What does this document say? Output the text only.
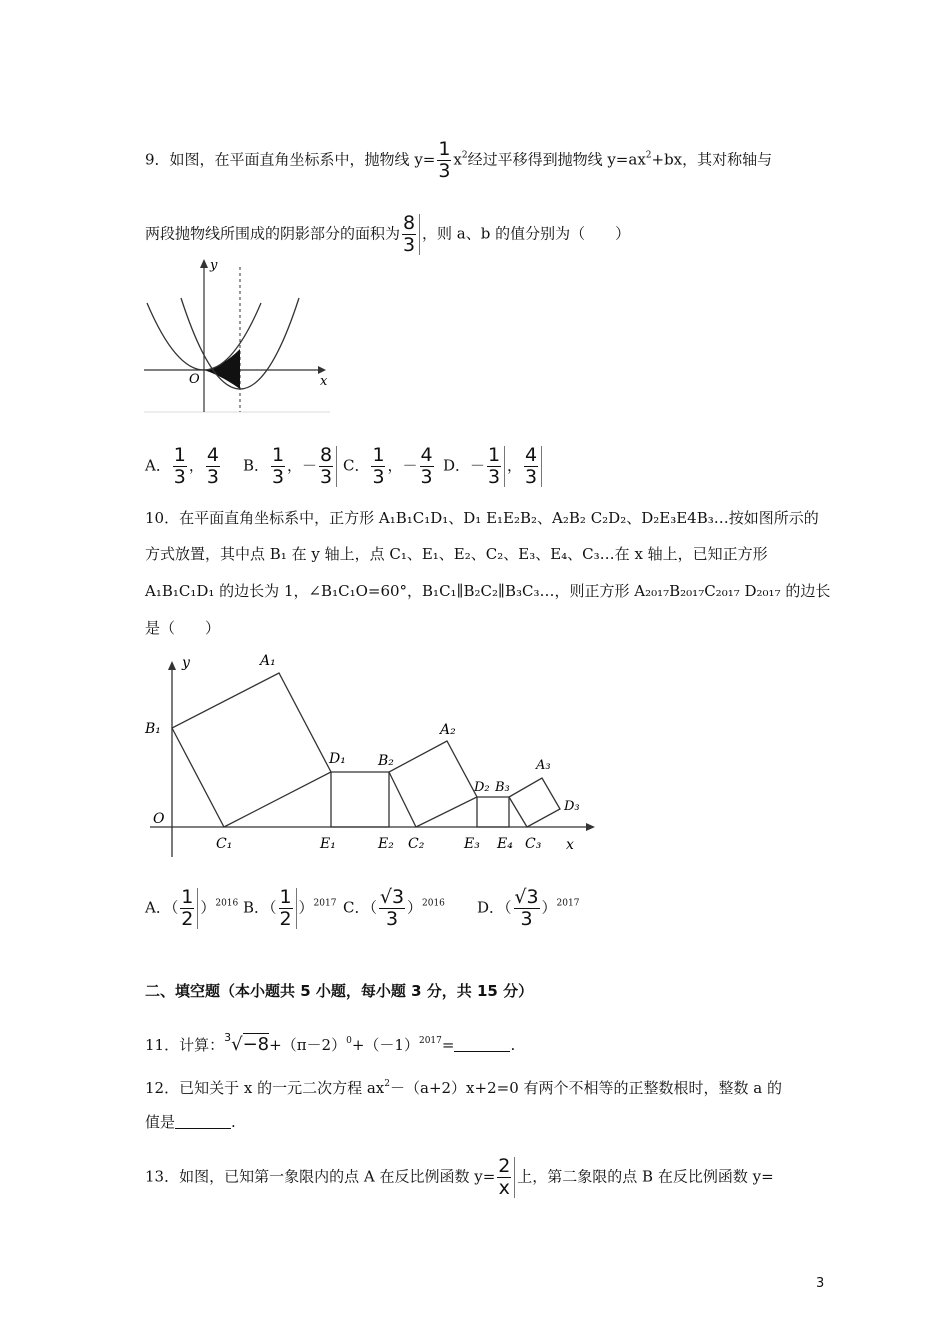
9．如图，在平面直角坐标系中，抛物线 $y= \frac{1}{3} x^2$经过平移得到抛物线 $y=ax^2+bx$，其对称轴与
两段抛物线所围成的阴影部分的面积为 $\frac{8}{3}$ ，则 a、b 的值分别为（　　）
y
x
O
A． $\frac{1}{3}$ ， $\frac{4}{3}$ B． $\frac{1}{3}$ ，－ $\frac{8}{3}$ C． $\frac{1}{3}$ ，－ $\frac{4}{3}$ D．－ $\frac{1}{3}$ ， $\frac{4}{3}$
10．在平面直角坐标系中，正方形 A₁B₁C₁D₁、D₁ E₁E₂B₂、A₂B₂ C₂D₂、D₂E₃E4B₃…按如图所示的
方式放置，其中点 B₁ 在 y 轴上，点 C₁、E₁、E₂、C₂、E₃、E₄、C₃…在 x 轴上，已知正方形
A₁B₁C₁D₁ 的边长为 1，∠B₁C₁O=60°，B₁C₁∥B₂C₂∥B₃C₃…，则正方形 A₂₀₁₇B₂₀₁₇C₂₀₁₇ D₂₀₁₇ 的边长
是（　　）
y
x
O
A₁
B₁
C₁
D₁
E₁	E₂
B₂
A₂
C₂
D₂ B₃
E₃ E₄
A₃
C₃
D₃
A．（ $\frac{1}{2} )^{2016}$ B．（ $\frac{1}{2} )^{2017}$ C．（ $\frac{√3}{3} )^{2016}$ D．（ $\frac{√3}{3} )^{2017}$
二、填空题（本小题共 5 小题，每小题 3 分，共 15 分）
11．计算：$^3√-8+(\pi-2)^0+(-1)^{2017}=$	.
12．已知关于 x 的一元二次方程 $ax^2-(a+2)x+2=0$ 有两个不相等的正整数根时，整数 a 的
值是	.
13．如图，已知第一象限内的点 A 在反比例函数 $y= \frac{2}{x}$ 上，第二象限的点 B 在反比例函数 y=
3
